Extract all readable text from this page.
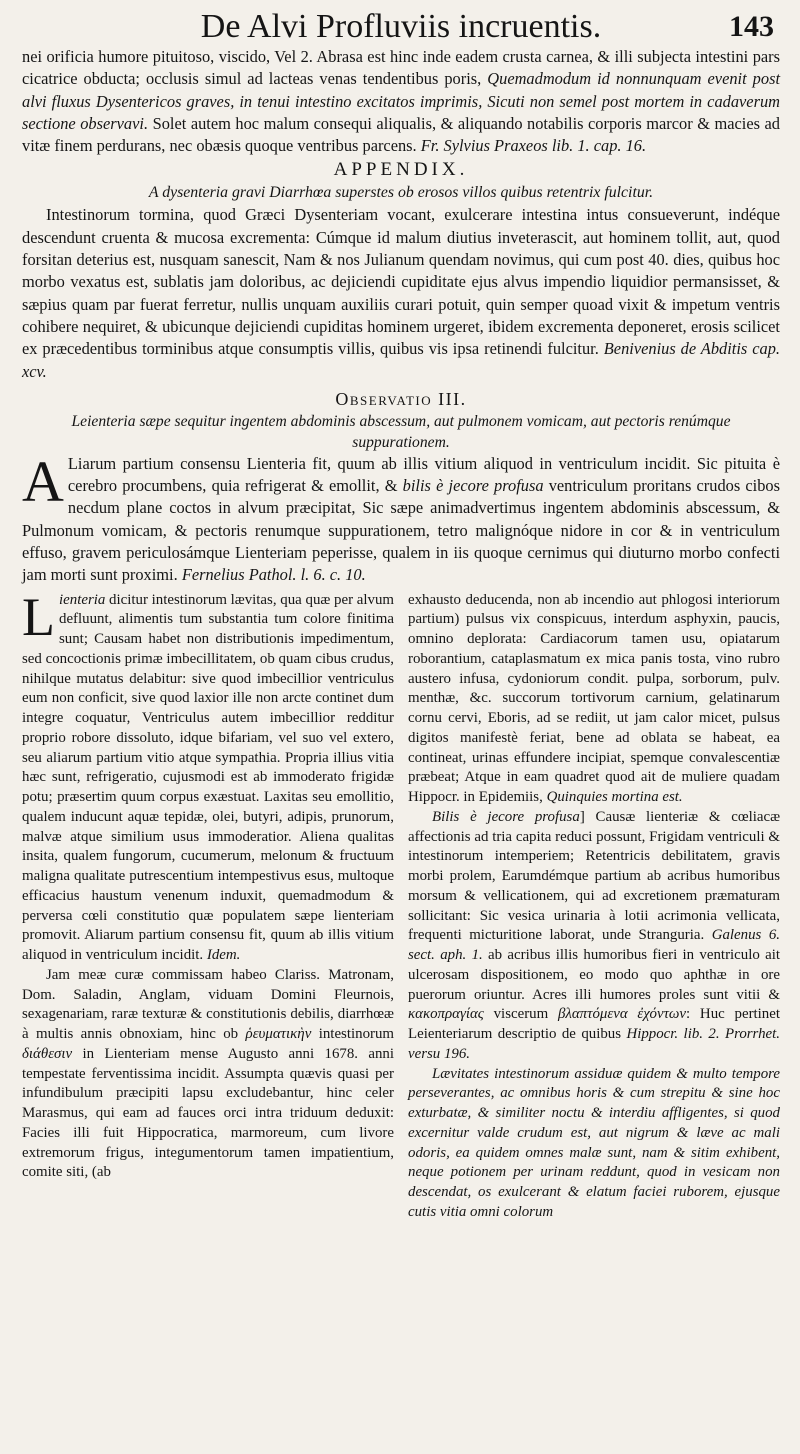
De Alvi Profluviis incruentis.	143

nei orificia humore pituitoso, viscido, Vel 2. Abrasa est hinc inde eadem crusta carnea, & illi subjecta intestini pars cicatrice obducta; occlusis simul ad lacteas venas tendentibus poris, Quemadmodum id nonnunquam evenit post alvi fluxus Dysentericos graves, in tenui intestino excitatos imprimis, Sicuti non semel post mortem in cadaverum sectione observavi. Solet autem hoc malum consequi aliqualis, & aliquando notabilis corporis marcor & macies ad vitæ finem perdurans, nec obæsis quoque ventribus parcens. Fr. Sylvius Praxeos lib. 1. cap. 16.

APPENDIX.
A dysenteria gravi Diarrhœa superstes ob erosos villos quibus retentrix fulcitur.

Intestinorum tormina, quod Græci Dysenteriam vocant, exulcerare intestina intus consueverunt, indéque descendunt cruenta & mucosa excrementa: Cúmque id malum diutius inveterascit, aut hominem tollit, aut, quod forsitan deterius est, nusquam sanescit, Nam & nos Julianum quendam novimus, qui cum post 40. dies, quibus hoc morbo vexatus est, sublatis jam doloribus, ac dejiciendi cupiditate ejus alvus impendio liquidior permansisset, & sæpius quam par fuerat ferretur, nullis unquam auxiliis curari potuit, quin semper quoad vixit & impetum ventris cohibere nequiret, & ubicunque dejiciendi cupiditas hominem urgeret, ibidem excrementa deponeret, erosis scilicet ex præcedentibus torminibus atque consumptis villis, quibus vis ipsa retinendi fulcitur. Benivenius de Abditis cap. xcv.

Observatio III.
Leienteria sæpe sequitur ingentem abdominis abscessum, aut pulmonem vomicam, aut pectoris renúmque suppurationem.

A Liarum partium consensu Lienteria fit, quum ab illis vitium aliquod in ventriculum incidit. Sic pituita è cerebro procumbens, quia refrigerat & emollit, & bilis è jecore profusa ventriculum proritans crudos cibos necdum plane coctos in alvum præcipitat, Sic sæpe animadvertimus ingentem abdominis abscessum, & Pulmonum vomicam, & pectoris renumque suppurationem, tetro malignóque nidore in cor & in ventriculum effuso, gravem periculosámque Lienteriam peperisse, qualem in iis quoque cernimus qui diuturno morbo confecti jam morti sunt proximi. Fernelius Pathol. l. 6. c. 10.

Lienteria dicitur intestinorum lævitas, qua quæ per alvum defluunt, alimentis tum substantia tum colore finitima sunt; Causam habet non distributionis impedimentum, sed concoctionis primæ imbecillitatem, ob quam cibus crudus, nihilque mutatus delabitur: sive quod imbecillior ventriculus eum non conficit, sive quod laxior ille non arcte continet dum integre coquatur, Ventriculus autem imbecillior redditur proprio robore dissoluto, idque bifariam, vel suo vel extero, seu aliarum partium vitio atque sympathia. Propria illius vitia hæc sunt, refrigeratio, cujusmodi est ab immoderato frigidæ potu; præsertim quum corpus exæstuat. Laxitas seu emollitio, qualem inducunt aquæ tepidæ, olei, butyri, adipis, prunorum, malvæ atque similium usus immoderatior. Aliena qualitas insita, qualem fungorum, cucumerum, melonum & fructuum maligna qualitate putrescentium intempestivus esus, multoque efficacius haustum venenum induxit, quemadmodum & perversa cœli constitutio quæ populatem sæpe lienteriam promovit. Aliarum partium consensu fit, quum ab illis vitium aliquod in ventriculum incidit. Idem.

Jam meæ curæ commissam habeo Clariss. Matronam, Dom. Saladin, Anglam, viduam Domini Fleurnois, sexagenariam, raræ texturæ & constitutionis debilis, diarrhœæ à multis annis obnoxiam, hinc ob ῥευματικὴν intestinorum διάθεσιν in Lienteriam mense Augusto anni 1678. anni tempestate ferventissima incidit. Assumpta quævis quasi per infundibulum præcipiti lapsu excludebantur, hinc celer Marasmus, qui eam ad fauces orci intra triduum deduxit: Facies illi fuit Hippocratica, marmoreum, cum livore extremorum frigus, integumentorum tamen impatientium, comite siti, (ab

exhausto deducenda, non ab incendio aut phlogosi interiorum partium) pulsus vix conspicuus, interdum asphyxin, paucis, omnino deplorata: Cardiacorum tamen usu, opiatarum roborantium, cataplasmatum ex mica panis tosta, vino rubro austero infusa, cydoniorum condit. pulpa, sorborum, pulv. menthæ, &c. succorum tortivorum carnium, gelatinarum cornu cervi, Eboris, ad se rediit, ut jam calor micet, pulsus digitos manifestè feriat, bene ad oblata se habeat, ea contineat, urinas effundere incipiat, spemque convalescentiæ præbeat; Atque in eam quadret quod ait de muliere quadam Hippocr. in Epidemiis, Quinquies mortina est.

Bilis è jecore profusa] Causæ lienteriæ & cœliacæ affectionis ad tria capita reduci possunt, Frigidam ventriculi & intestinorum intemperiem; Retentricis debilitatem, gravis morbi prolem, Earumdémque partium ab acribus humoribus morsum & vellicationem, qui ad excretionem præmaturam sollicitant: Sic vesica urinaria à lotii acrimonia vellicata, frequenti micturitione laborat, unde Stranguria. Galenus 6. sect. aph. 1. ab acribus illis humoribus fieri in ventriculo ait ulcerosam dispositionem, eo modo quo aphthæ in ore puerorum oriuntur. Acres illi humores proles sunt vitii & κακοπραγίας viscerum βλαπτόμενα ἐχόντων: Huc pertinet Leienteriarum descriptio de quibus Hippocr. lib. 2. Prorrhet. versu 196.

Lævitates intestinorum assiduæ quidem & multo tempore perseverantes, ac omnibus horis & cum strepitu & sine hoc exturbatæ, & similiter noctu & interdiu affligentes, si quod excernitur valde crudum est, aut nigrum & læve ac mali odoris, ea quidem omnes malæ sunt, nam & sitim exhibent, neque potionem per urinam reddunt, quod in vesicam non descendat, os exulcerant & elatum faciei ruborem, ejusque cutis vitia omni colorum
